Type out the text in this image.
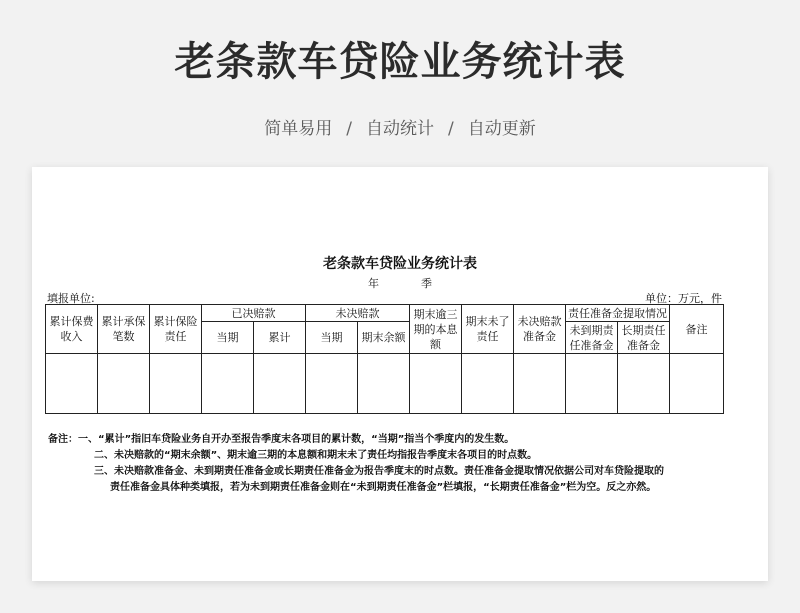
老条款车贷险业务统计表
简单易用 / 自动统计 / 自动更新
老条款车贷险业务统计表
年	季
填报单位:	单位：万元，件
累计保费收入	累计承保笔数	累计保险责任	已决赔款		未决赔款		期末逾三期的本息额	期末未了责任	未决赔款准备金	责任准备金提取情况		备注
			当期	累计	当期	期末余额				未到期责任准备金	长期责任准备金	

备注：一、“累计”指旧车贷险业务自开办至报告季度末各项目的累计数，“当期”指当个季度内的发生数。
二、未决赔款的“期末余额”、期末逾三期的本息额和期末未了责任均指报告季度末各项目的时点数。
三、未决赔款准备金、未到期责任准备金或长期责任准备金为报告季度末的时点数。责任准备金提取情况依据公司对车贷险提取的
责任准备金具体种类填报，若为未到期责任准备金则在“未到期责任准备金”栏填报，“长期责任准备金”栏为空。反之亦然。
